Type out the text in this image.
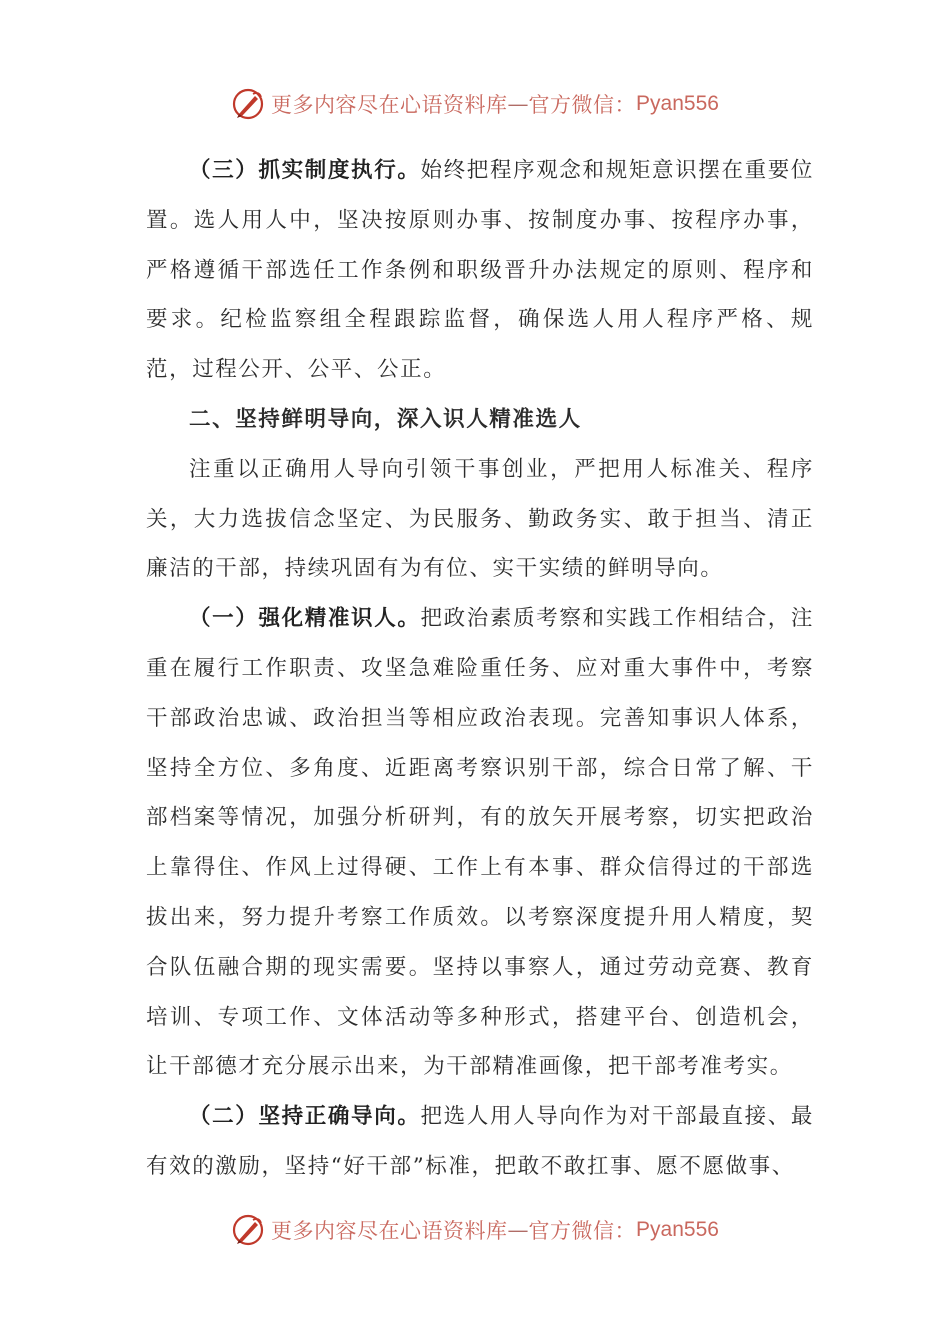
更多内容尽在心语资料库 — 官方微信： Pyan556

（三）抓实制度执行。始终把程序观念和规矩意识摆在重要位置。选人用人中，坚决按原则办事、按制度办事、按程序办事，严格遵循干部选任工作条例和职级晋升办法规定的原则、程序和要求。纪检监察组全程跟踪监督，确保选人用人程序严格、规范，过程公开、公平、公正。

二、坚持鲜明导向，深入识人精准选人

注重以正确用人导向引领干事创业，严把用人标准关、程序关，大力选拔信念坚定、为民服务、勤政务实、敢于担当、清正廉洁的干部，持续巩固有为有位、实干实绩的鲜明导向。

（一）强化精准识人。把政治素质考察和实践工作相结合，注重在履行工作职责、攻坚急难险重任务、应对重大事件中，考察干部政治忠诚、政治担当等相应政治表现。完善知事识人体系，坚持全方位、多角度、近距离考察识别干部，综合日常了解、干部档案等情况，加强分析研判，有的放矢开展考察，切实把政治上靠得住、作风上过得硬、工作上有本事、群众信得过的干部选拔出来，努力提升考察工作质效。以考察深度提升用人精度，契合队伍融合期的现实需要。坚持以事察人，通过劳动竞赛、教育培训、专项工作、文体活动等多种形式，搭建平台、创造机会，让干部德才充分展示出来，为干部精准画像，把干部考准考实。

（二）坚持正确导向。把选人用人导向作为对干部最直接、最有效的激励，坚持“好干部”标准，把敢不敢扛事、愿不愿做事、

更多内容尽在心语资料库 — 官方微信： Pyan556
